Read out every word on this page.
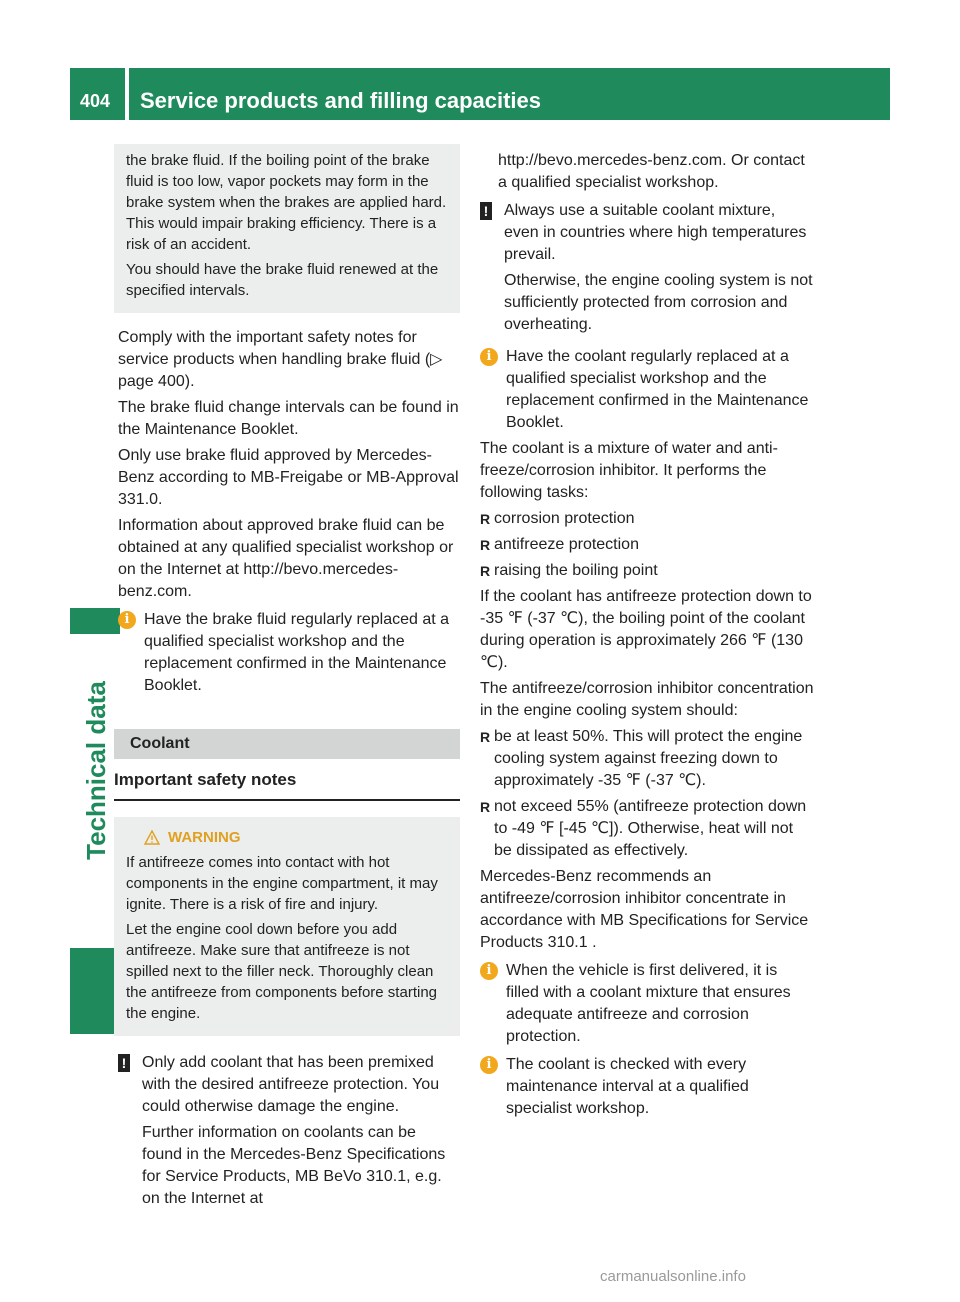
404 Service products and filling capacities
Technical data

the brake fluid. If the boiling point of the brake fluid is too low, vapor pockets may form in the brake system when the brakes are applied hard. This would impair braking efficiency. There is a risk of an accident.

You should have the brake fluid renewed at the specified intervals.

Comply with the important safety notes for service products when handling brake fluid (▷ page 400).

The brake fluid change intervals can be found in the Maintenance Booklet.

Only use brake fluid approved by Mercedes-Benz according to MB-Freigabe or MB-Approval 331.0.

Information about approved brake fluid can be obtained at any qualified specialist workshop or on the Internet at http://bevo.mercedes-benz.com.

i Have the brake fluid regularly replaced at a qualified specialist workshop and the replacement confirmed in the Maintenance Booklet.
Coolant
Important safety notes
WARNING

If antifreeze comes into contact with hot components in the engine compartment, it may ignite. There is a risk of fire and injury.

Let the engine cool down before you add antifreeze. Make sure that antifreeze is not spilled next to the filler neck. Thoroughly clean the antifreeze from components before starting the engine.

! Only add coolant that has been premixed with the desired antifreeze protection. You could otherwise damage the engine.

Further information on coolants can be found in the Mercedes-Benz Specifications for Service Products, MB BeVo 310.1, e.g. on the Internet at

http://bevo.mercedes-benz.com. Or contact a qualified specialist workshop.

! Always use a suitable coolant mixture, even in countries where high temperatures prevail.

Otherwise, the engine cooling system is not sufficiently protected from corrosion and overheating.

i Have the coolant regularly replaced at a qualified specialist workshop and the replacement confirmed in the Maintenance Booklet.

The coolant is a mixture of water and anti-freeze/corrosion inhibitor. It performs the following tasks:

R corrosion protection
R antifreeze protection
R raising the boiling point

If the coolant has antifreeze protection down to -35 ℉ (-37 ℃), the boiling point of the coolant during operation is approximately 266 ℉ (130 ℃).

The antifreeze/corrosion inhibitor concentration in the engine cooling system should:

R be at least 50%. This will protect the engine cooling system against freezing down to approximately -35 ℉ (-37 ℃).
R not exceed 55% (antifreeze protection down to -49 ℉ [-45 ℃]). Otherwise, heat will not be dissipated as effectively.

Mercedes-Benz recommends an antifreeze/corrosion inhibitor concentrate in accordance with MB Specifications for Service Products 310.1 .

i When the vehicle is first delivered, it is filled with a coolant mixture that ensures adequate antifreeze and corrosion protection.
i The coolant is checked with every maintenance interval at a qualified specialist workshop.
carmanualsonline.info
